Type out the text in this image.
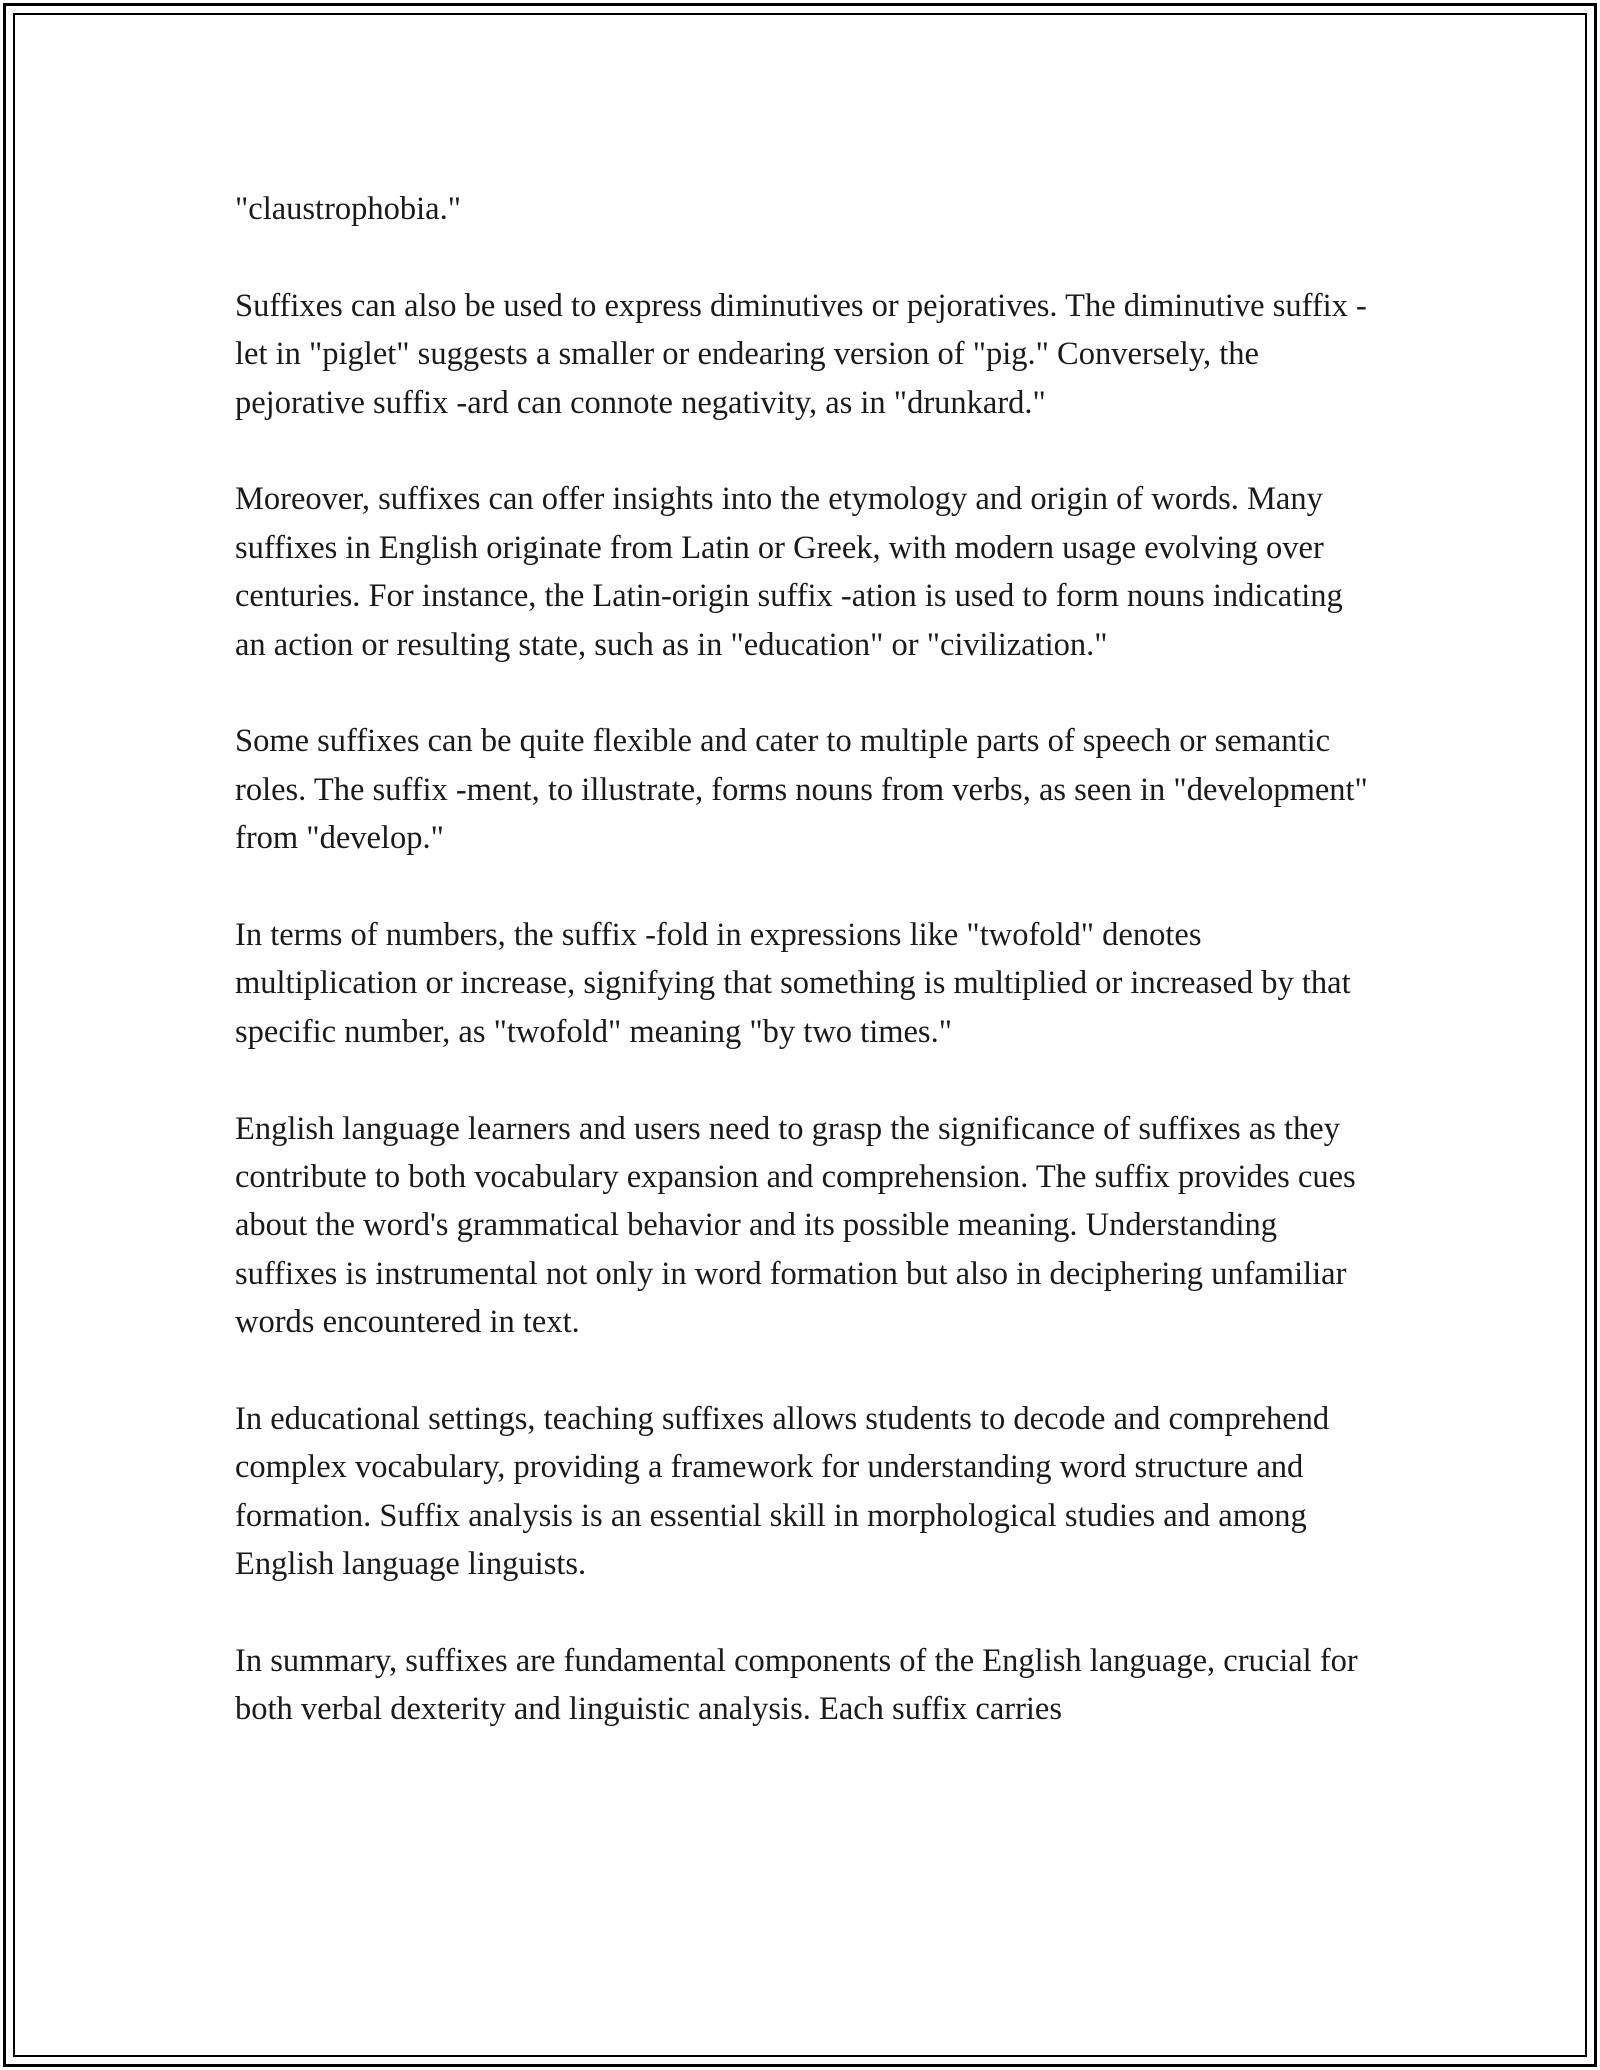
"claustrophobia."

Suffixes can also be used to express diminutives or pejoratives. The diminutive suffix -let in "piglet" suggests a smaller or endearing version of "pig." Conversely, the pejorative suffix -ard can connote negativity, as in "drunkard."

Moreover, suffixes can offer insights into the etymology and origin of words. Many suffixes in English originate from Latin or Greek, with modern usage evolving over centuries. For instance, the Latin-origin suffix -ation is used to form nouns indicating an action or resulting state, such as in "education" or "civilization."

Some suffixes can be quite flexible and cater to multiple parts of speech or semantic roles. The suffix -ment, to illustrate, forms nouns from verbs, as seen in "development" from "develop."

In terms of numbers, the suffix -fold in expressions like "twofold" denotes multiplication or increase, signifying that something is multiplied or increased by that specific number, as "twofold" meaning "by two times."

English language learners and users need to grasp the significance of suffixes as they contribute to both vocabulary expansion and comprehension. The suffix provides cues about the word's grammatical behavior and its possible meaning. Understanding suffixes is instrumental not only in word formation but also in deciphering unfamiliar words encountered in text.

In educational settings, teaching suffixes allows students to decode and comprehend complex vocabulary, providing a framework for understanding word structure and formation. Suffix analysis is an essential skill in morphological studies and among English language linguists.

In summary, suffixes are fundamental components of the English language, crucial for both verbal dexterity and linguistic analysis. Each suffix carries
